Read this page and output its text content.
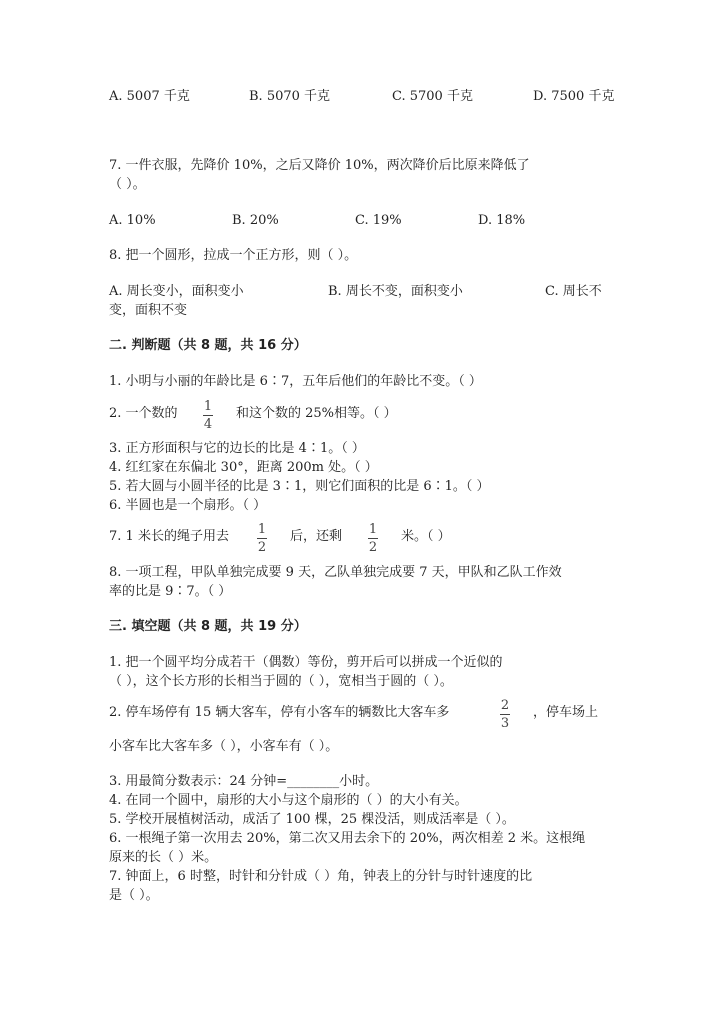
A. 5007 千克	B. 5070 千克	C. 5700 千克	D. 7500 千克
7. 一件衣服，先降价 10%，之后又降价 10%，两次降价后比原来降低了
（ ）。
A. 10%	B. 20%	C. 19%	D. 18%
8. 把一个圆形，拉成一个正方形，则（ ）。
A. 周长变小，面积变小	B. 周长不变，面积变小	C. 周长不
变，面积不变
二. 判断题（共 8 题，共 16 分）
1. 小明与小丽的年龄比是 6∶7，五年后他们的年龄比不变。（ ）
2. 一个数的 1
4
和这个数的 25%相等。（ ）
3. 正方形面积与它的边长的比是 4∶1。（ ）
4. 红红家在东偏北 30°，距离 200m 处。（ ）
5. 若大圆与小圆半径的比是 3∶1，则它们面积的比是 6∶1。（ ）
6. 半圆也是一个扇形。（ ）
7. 1 米长的绳子用去 1
2
后，还剩 1
2
米。（ ）
8. 一项工程，甲队单独完成要 9 天，乙队单独完成要 7 天，甲队和乙队工作效
率的比是 9∶7。（ ）
三. 填空题（共 8 题，共 19 分）
1. 把一个圆平均分成若干（偶数）等份，剪开后可以拼成一个近似的
（ ），这个长方形的长相当于圆的（ ），宽相当于圆的（ ）。
2. 停车场停有 15 辆大客车，停有小客车的辆数比大客车多	2
3
，停车场上
小客车比大客车多（ ），小客车有（ ）。
3. 用最简分数表示：24 分钟=________小时。
4. 在同一个圆中，扇形的大小与这个扇形的（ ）的大小有关。
5. 学校开展植树活动，成活了 100 棵，25 棵没活，则成活率是（ ）。
6. 一根绳子第一次用去 20%，第二次又用去余下的 20%，两次相差 2 米。这根绳
原来的长（ ）米。
7. 钟面上，6 时整，时针和分针成（ ）角，钟表上的分针与时针速度的比
是（ ）。
